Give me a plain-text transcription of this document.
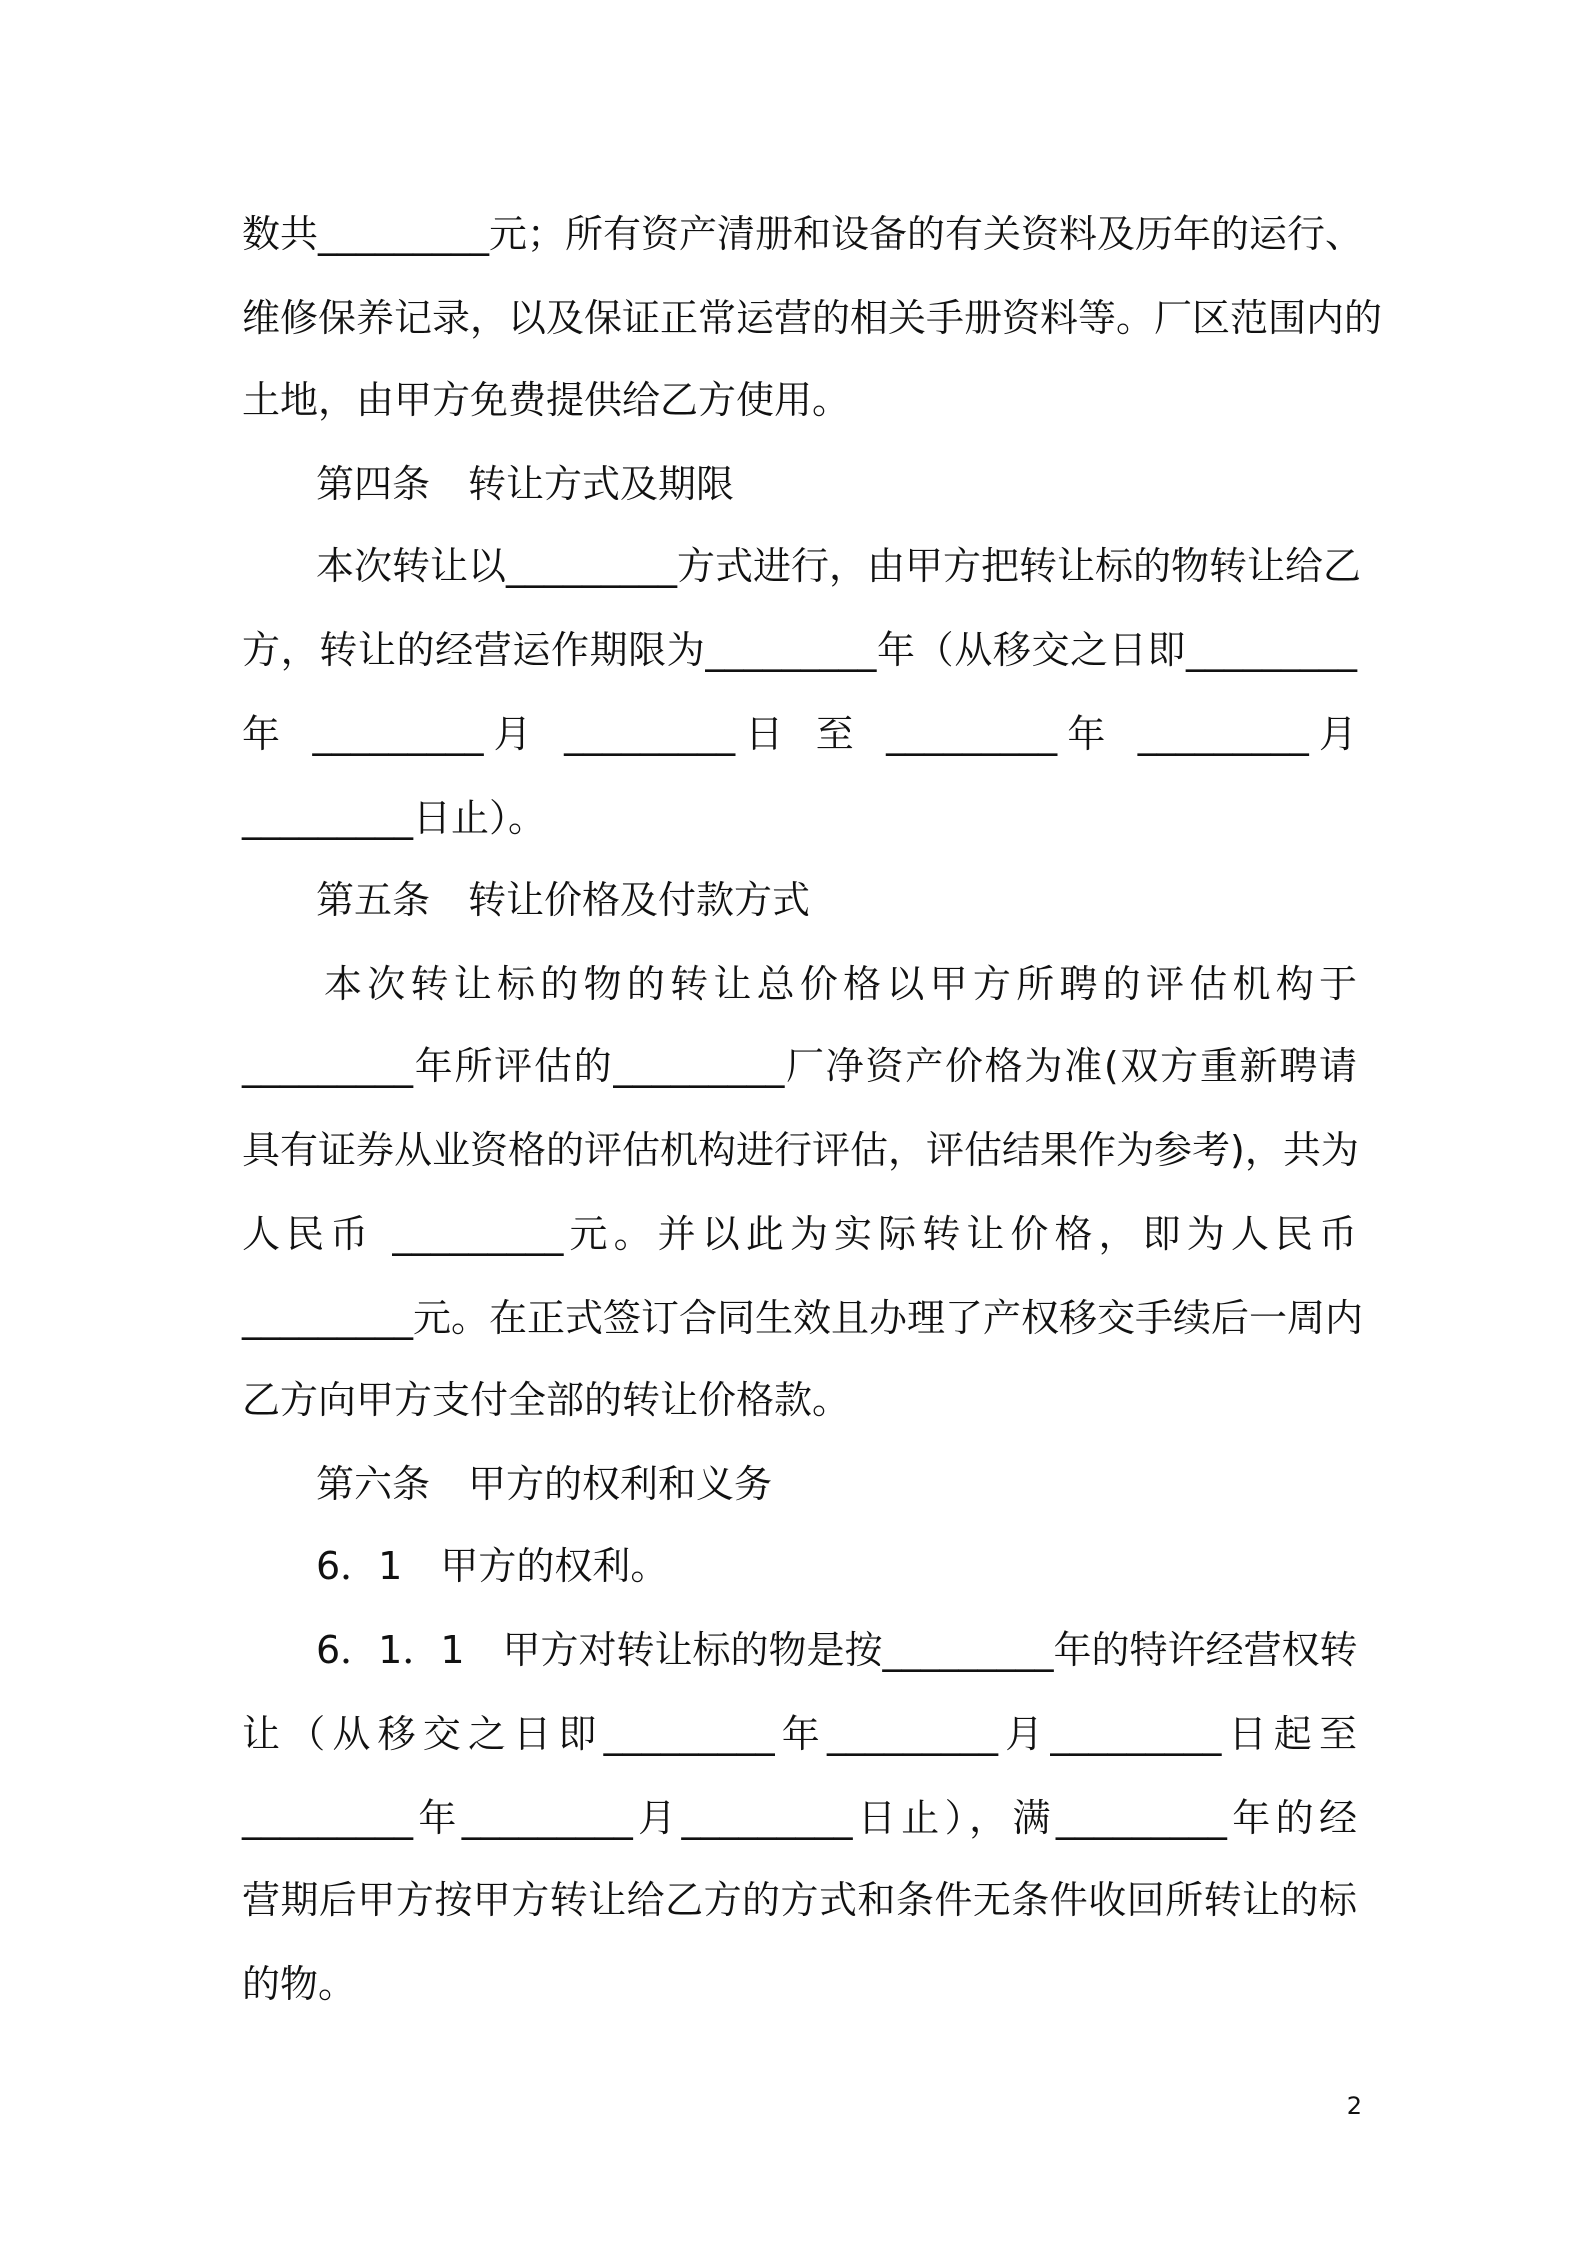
数共_________元；所有资产清册和设备的有关资料及历年的运行、
维修保养记录，以及保证正常运营的相关手册资料等。厂区范围内的
土地，由甲方免费提供给乙方使用。
第四条　转让方式及期限
本次转让以_________方式进行，由甲方把转让标的物转让给乙
方，转让的经营运作期限为_________年（从移交之日即_________
年 _________月 _________日 至 _________年 _________月
_________日止）。
第五条　转让价格及付款方式
本次转让标的物的转让总价格以甲方所聘的评估机构于
_________年所评估的_________厂净资产价格为准(双方重新聘请
具有证券从业资格的评估机构进行评估，评估结果作为参考)，共为
人民币 _________元。并以此为实际转让价格，即为人民币
_________元。在正式签订合同生效且办理了产权移交手续后一周内
乙方向甲方支付全部的转让价格款。
第六条　甲方的权利和义务
6．1　甲方的权利。
6．1．1　甲方对转让标的物是按_________年的特许经营权转
让（从移交之日即_________年_________月_________日起至
_________年_________月_________日止），满_________年的经
营期后甲方按甲方转让给乙方的方式和条件无条件收回所转让的标
的物。
2
